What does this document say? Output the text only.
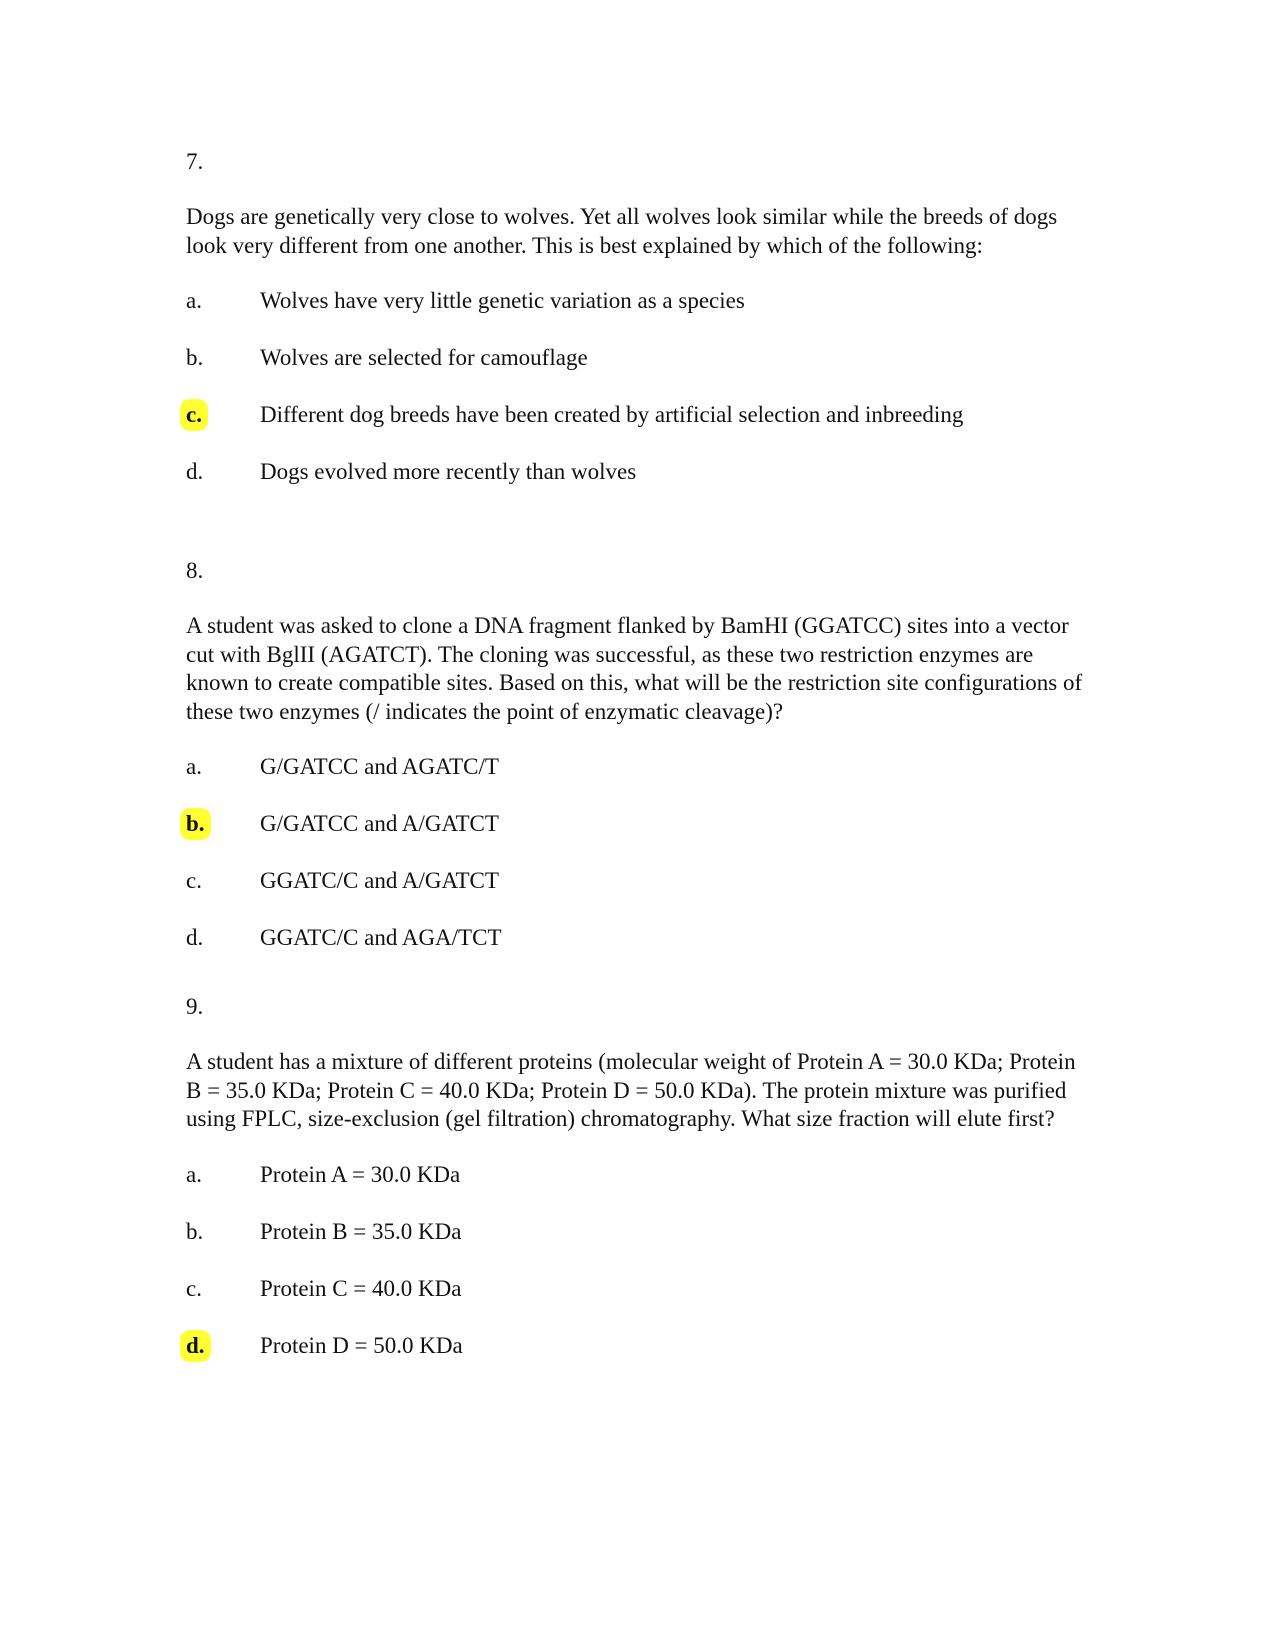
7.

Dogs are genetically very close to wolves. Yet all wolves look similar while the breeds of dogs look very different from one another. This is best explained by which of the following:

a.	Wolves have very little genetic variation as a species
b. Wolves are selected for camouflage
c.	Different dog breeds have been created by artificial selection and inbreeding
d. Dogs evolved more recently than wolves

8.

A student was asked to clone a DNA fragment flanked by BamHI (GGATCC) sites into a vector cut with BglII (AGATCT). The cloning was successful, as these two restriction enzymes are known to create compatible sites. Based on this, what will be the restriction site configurations of these two enzymes (/ indicates the point of enzymatic cleavage)?

a.	G/GATCC and AGATC/T
b. G/GATCC and A/GATCT
c.	GGATC/C and A/GATCT
d. GGATC/C and AGA/TCT

9.

A student has a mixture of different proteins (molecular weight of Protein A = 30.0 KDa; Protein B = 35.0 KDa; Protein C = 40.0 KDa; Protein D = 50.0 KDa). The protein mixture was purified using FPLC, size-exclusion (gel filtration) chromatography. What size fraction will elute first?

a.	Protein A = 30.0 KDa
b. Protein B = 35.0 KDa
c.	Protein C = 40.0 KDa
d. Protein D = 50.0 KDa
